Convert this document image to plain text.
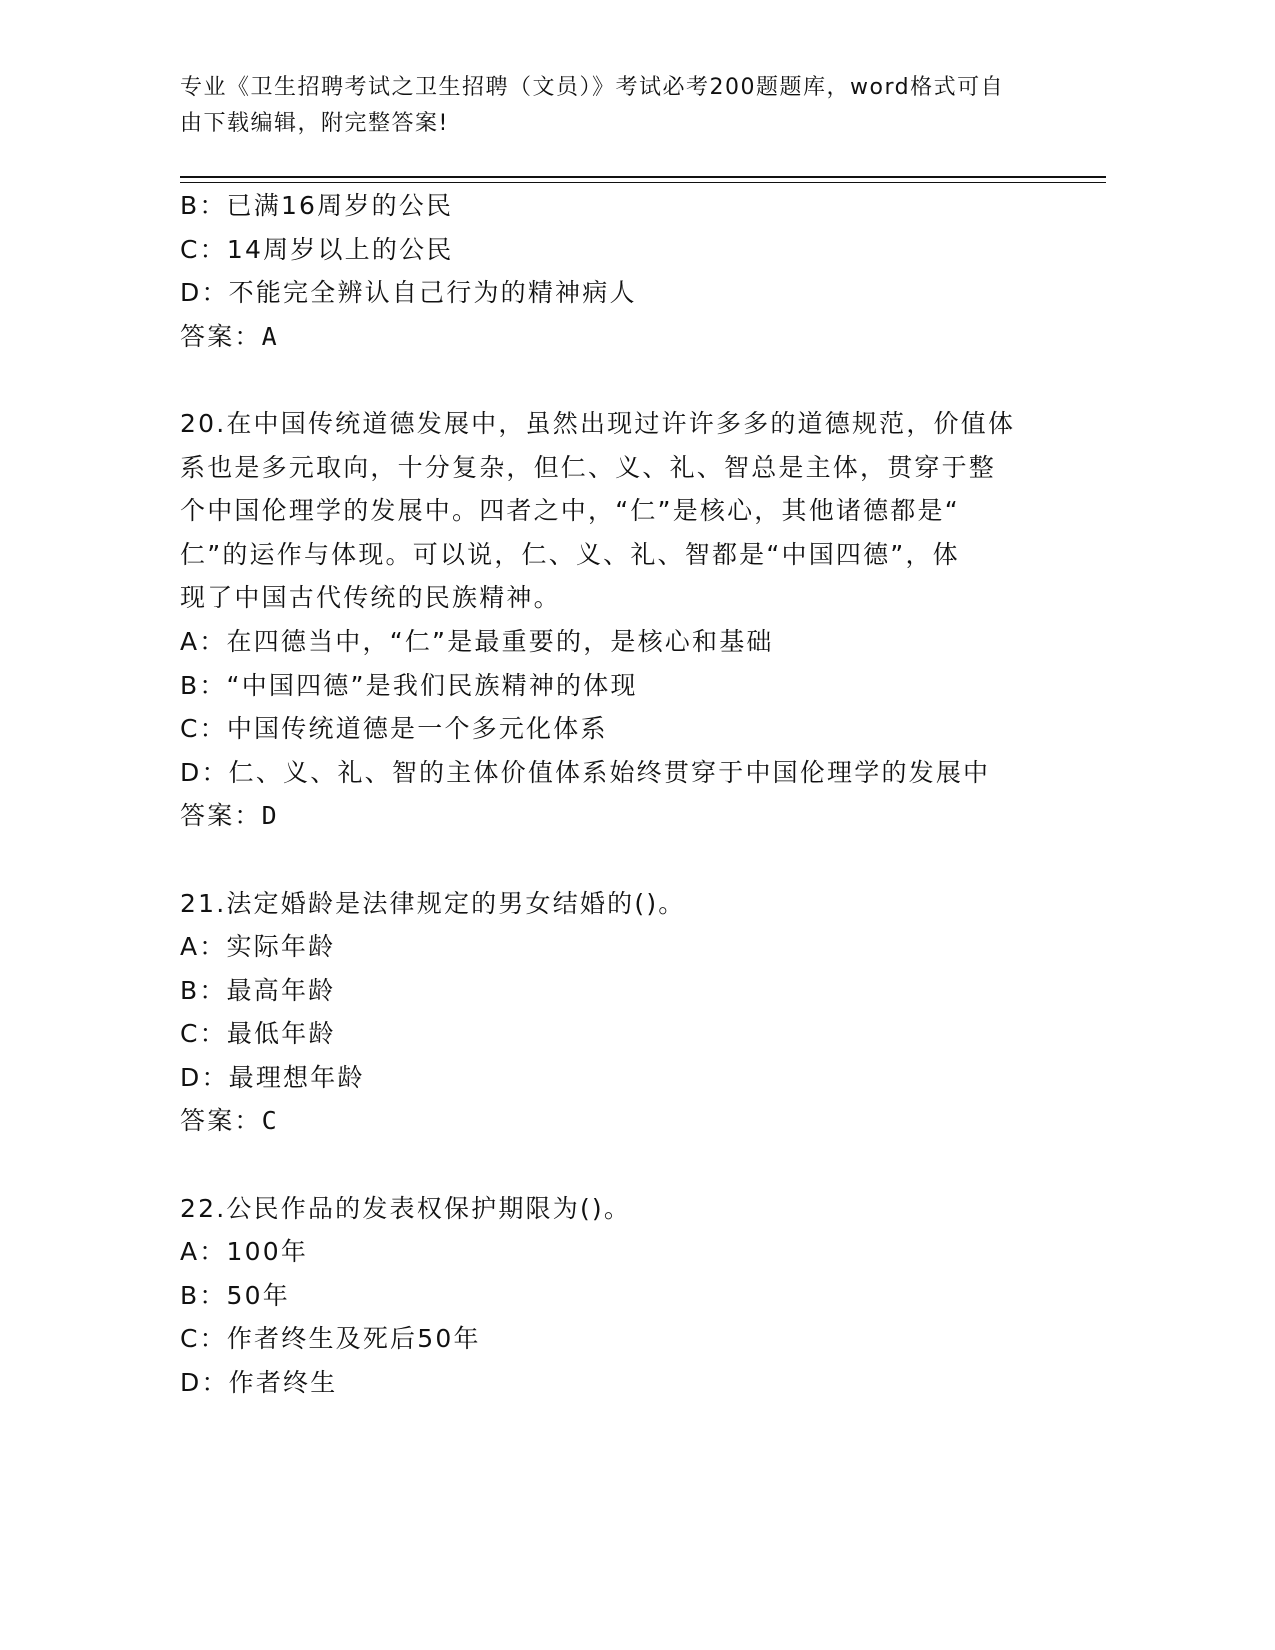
专业《卫生招聘考试之卫生招聘（文员）》考试必考200题题库，word格式可自
由下载编辑，附完整答案!
B：已满16周岁的公民
C：14周岁以上的公民
D：不能完全辨认自己行为的精神病人
答案：A
20.在中国传统道德发展中，虽然出现过许许多多的道德规范，价值体
系也是多元取向，十分复杂，但仁、义、礼、智总是主体，贯穿于整
个中国伦理学的发展中。四者之中，“仁”是核心，其他诸德都是“
仁”的运作与体现。可以说，仁、义、礼、智都是“中国四德”，体
现了中国古代传统的民族精神。
A：在四德当中，“仁”是最重要的，是核心和基础
B：“中国四德”是我们民族精神的体现
C：中国传统道德是一个多元化体系
D：仁、义、礼、智的主体价值体系始终贯穿于中国伦理学的发展中
答案：D
21.法定婚龄是法律规定的男女结婚的()。
A：实际年龄
B：最高年龄
C：最低年龄
D：最理想年龄
答案：C
22.公民作品的发表权保护期限为()。
A：100年
B：50年
C：作者终生及死后50年
D：作者终生
